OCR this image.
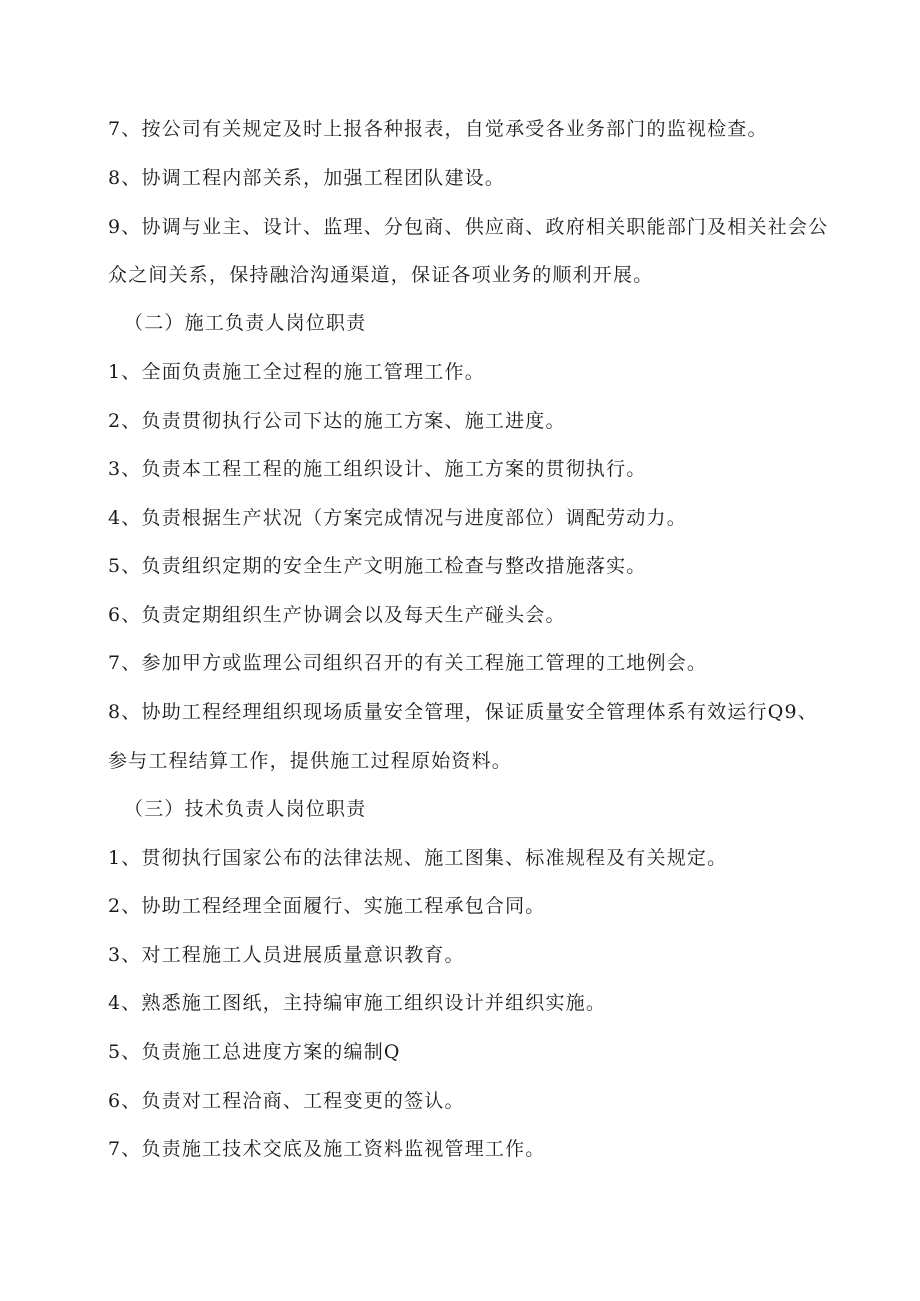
7、按公司有关规定及时上报各种报表，自觉承受各业务部门的监视检查。
8、协调工程内部关系，加强工程团队建设。
9、协调与业主、设计、监理、分包商、供应商、政府相关职能部门及相关社会公
众之间关系，保持融洽沟通渠道，保证各项业务的顺利开展。
（二）施工负责人岗位职责
1、全面负责施工全过程的施工管理工作。
2、负责贯彻执行公司下达的施工方案、施工进度。
3、负责本工程工程的施工组织设计、施工方案的贯彻执行。
4、负责根据生产状况（方案完成情况与进度部位）调配劳动力。
5、负责组织定期的安全生产文明施工检查与整改措施落实。
6、负责定期组织生产协调会以及每天生产碰头会。
7、参加甲方或监理公司组织召开的有关工程施工管理的工地例会。
8、协助工程经理组织现场质量安全管理，保证质量安全管理体系有效运行Q9、
参与工程结算工作，提供施工过程原始资料。
（三）技术负责人岗位职责
1、贯彻执行国家公布的法律法规、施工图集、标准规程及有关规定。
2、协助工程经理全面履行、实施工程承包合同。
3、对工程施工人员进展质量意识教育。
4、熟悉施工图纸，主持编审施工组织设计并组织实施。
5、负责施工总进度方案的编制Q
6、负责对工程洽商、工程变更的签认。
7、负责施工技术交底及施工资料监视管理工作。
